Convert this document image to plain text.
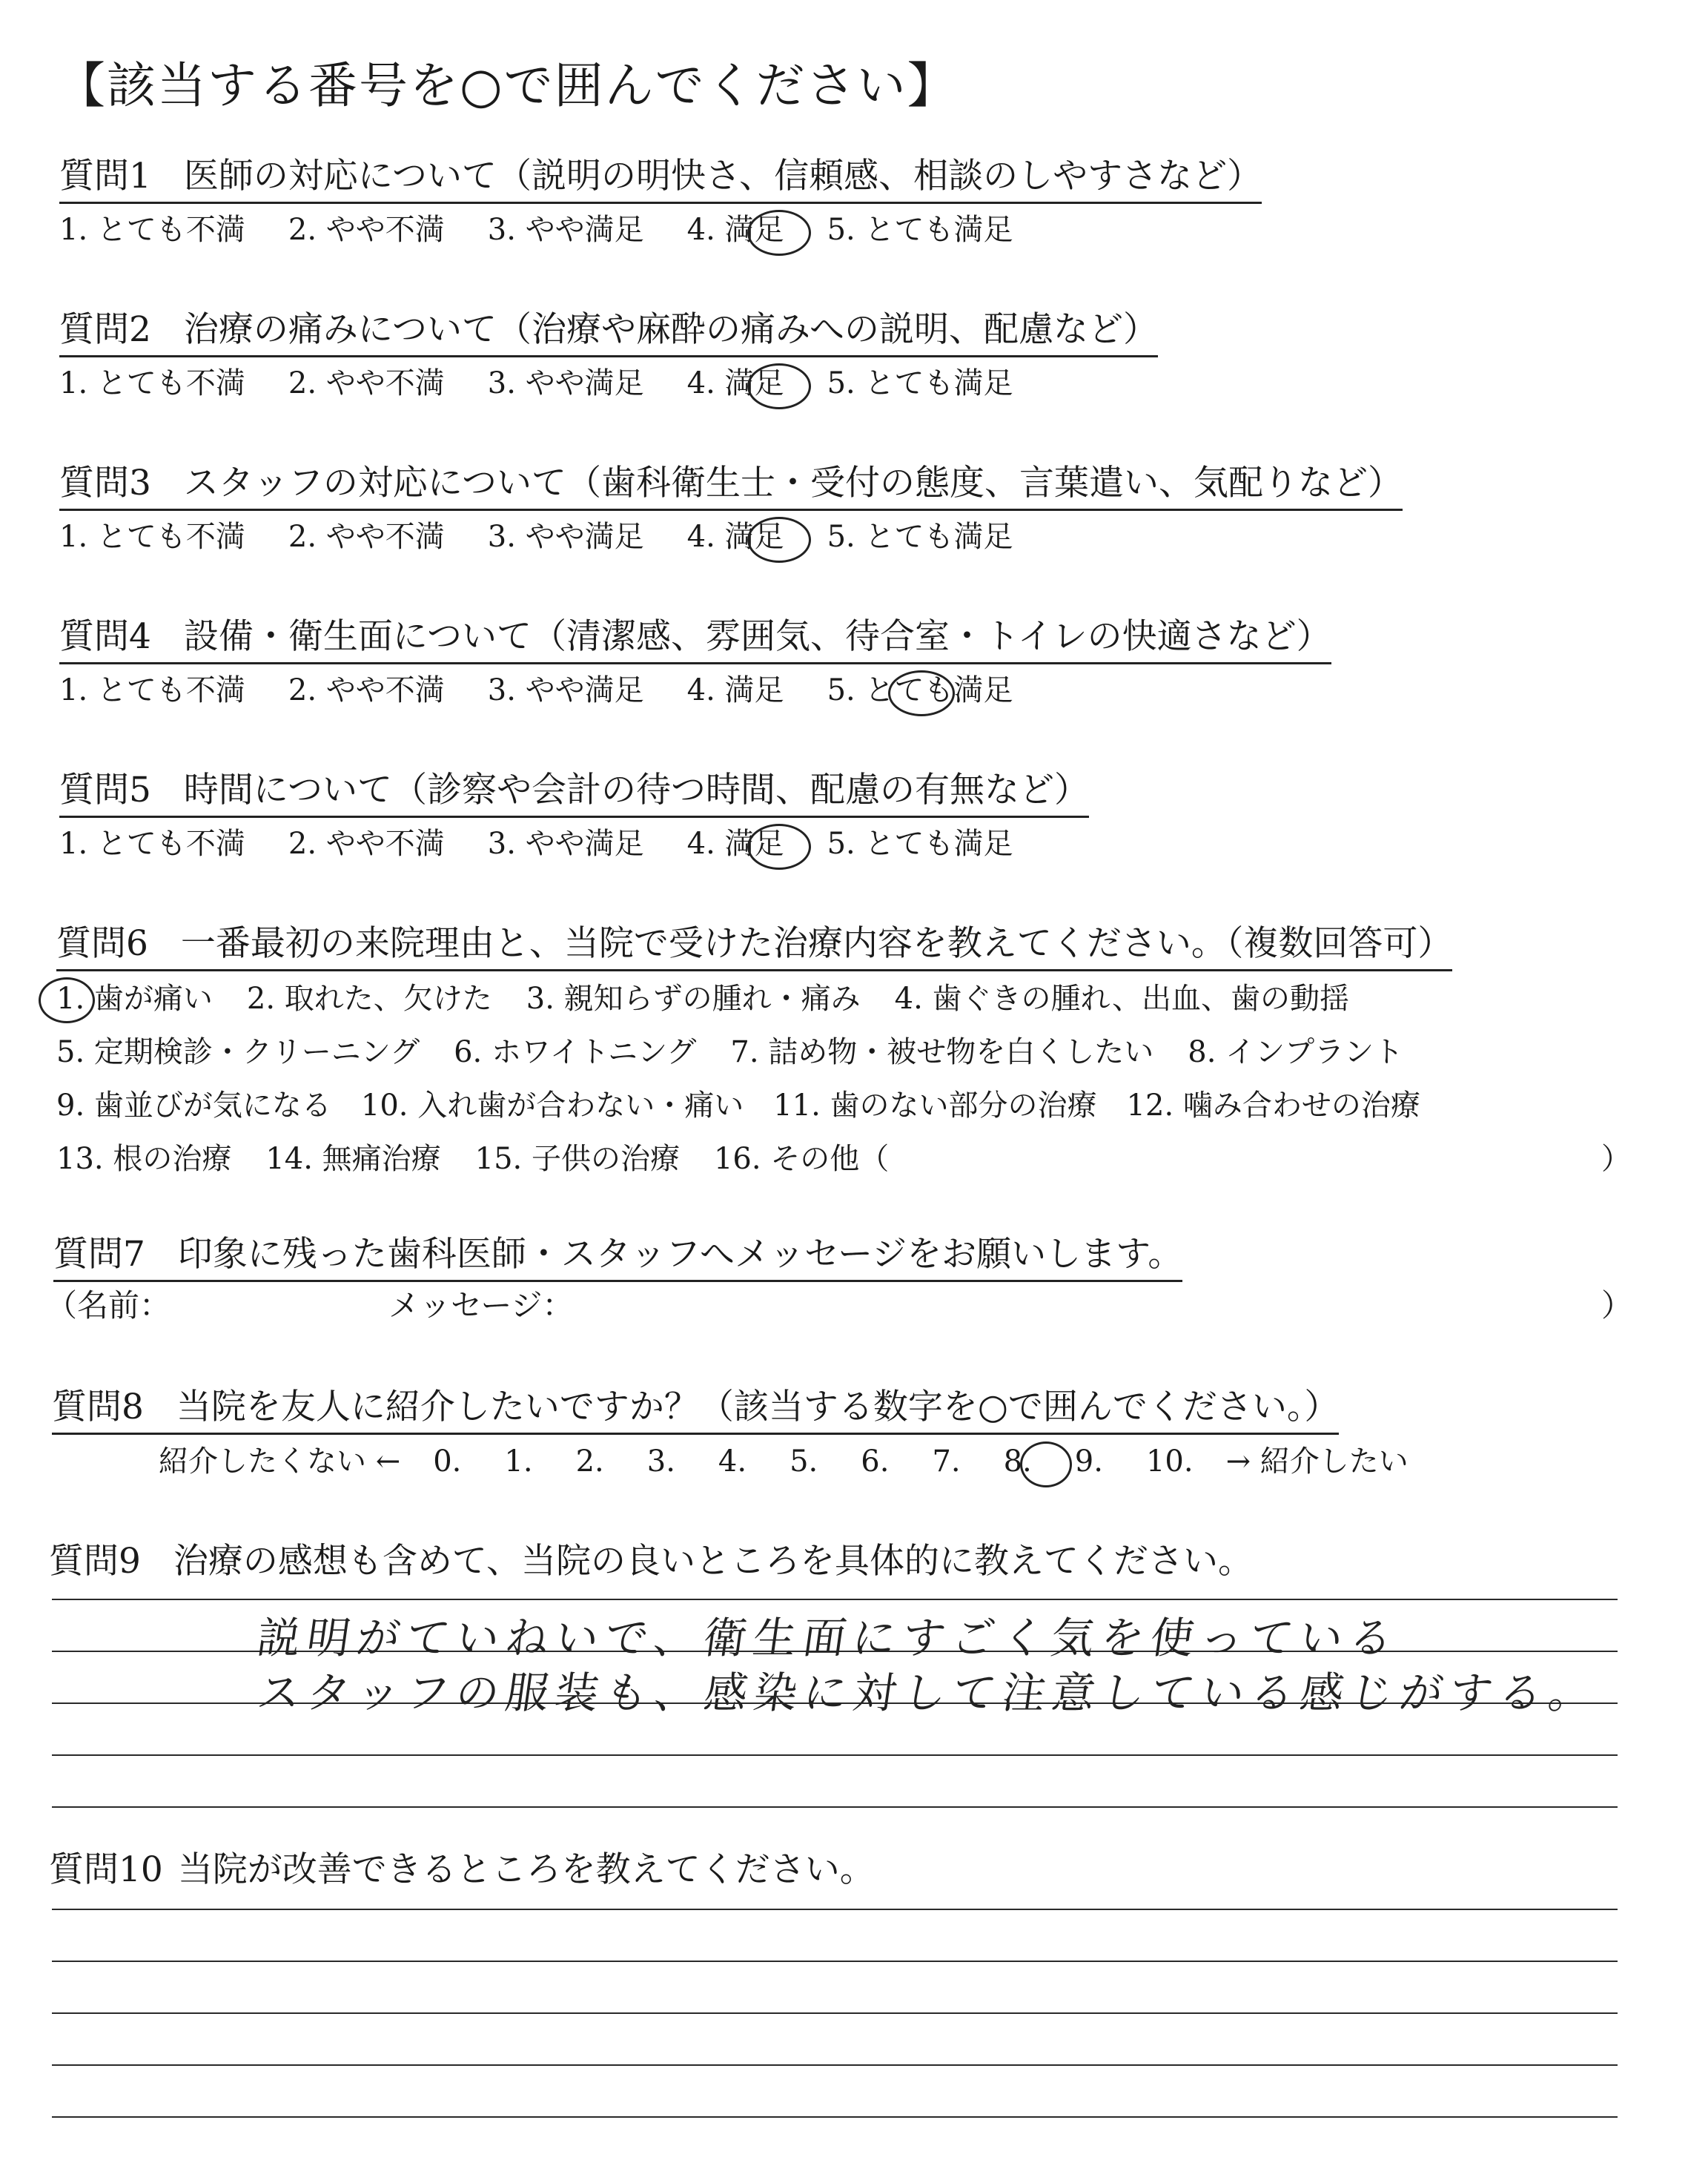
【該当する番号を○で囲んでください】
質問1 医師の対応について（説明の明快さ、信頼感、相談のしやすさなど）
1. とても不満 2. やや不満 3. やや満足 4. 満足 5. とても満足
質問2 治療の痛みについて（治療や麻酔の痛みへの説明、配慮など）
1. とても不満 2. やや不満 3. やや満足 4. 満足 5. とても満足
質問3 スタッフの対応について（歯科衛生士・受付の態度、言葉遣い、気配りなど）
1. とても不満 2. やや不満 3. やや満足 4. 満足 5. とても満足
質問4 設備・衛生面について（清潔感、雰囲気、待合室・トイレの快適さなど）
1. とても不満 2. やや不満 3. やや満足 4. 満足 5. とても満足
質問5 時間について（診察や会計の待つ時間、配慮の有無など）
1. とても不満 2. やや不満 3. やや満足 4. 満足 5. とても満足
質問6 一番最初の来院理由と、当院で受けた治療内容を教えてください。（複数回答可）
1. 歯が痛い 2. 取れた、欠けた 3. 親知らずの腫れ・痛み 4. 歯ぐきの腫れ、出血、歯の動揺
5. 定期検診・クリーニング 6. ホワイトニング 7. 詰め物・被せ物を白くしたい 8. インプラント
9. 歯並びが気になる 10. 入れ歯が合わない・痛い 11. 歯のない部分の治療 12. 噛み合わせの治療
13. 根の治療 14. 無痛治療 15. 子供の治療 16. その他（	）
質問7 印象に残った歯科医師・スタッフへメッセージをお願いします。
（名前：	メッセージ：	）
質問8 当院を友人に紹介したいですか？（該当する数字を○で囲んでください。）
紹介したくない ← 0. 1. 2. 3. 4. 5. 6. 7. 8. 9. 10. → 紹介したい
質問9 治療の感想も含めて、当院の良いところを具体的に教えてください。
説明がていねいで、衛生面にすごく気を使っている
スタッフの服装も、感染に対して注意している感じがする。
質問10 当院が改善できるところを教えてください。
